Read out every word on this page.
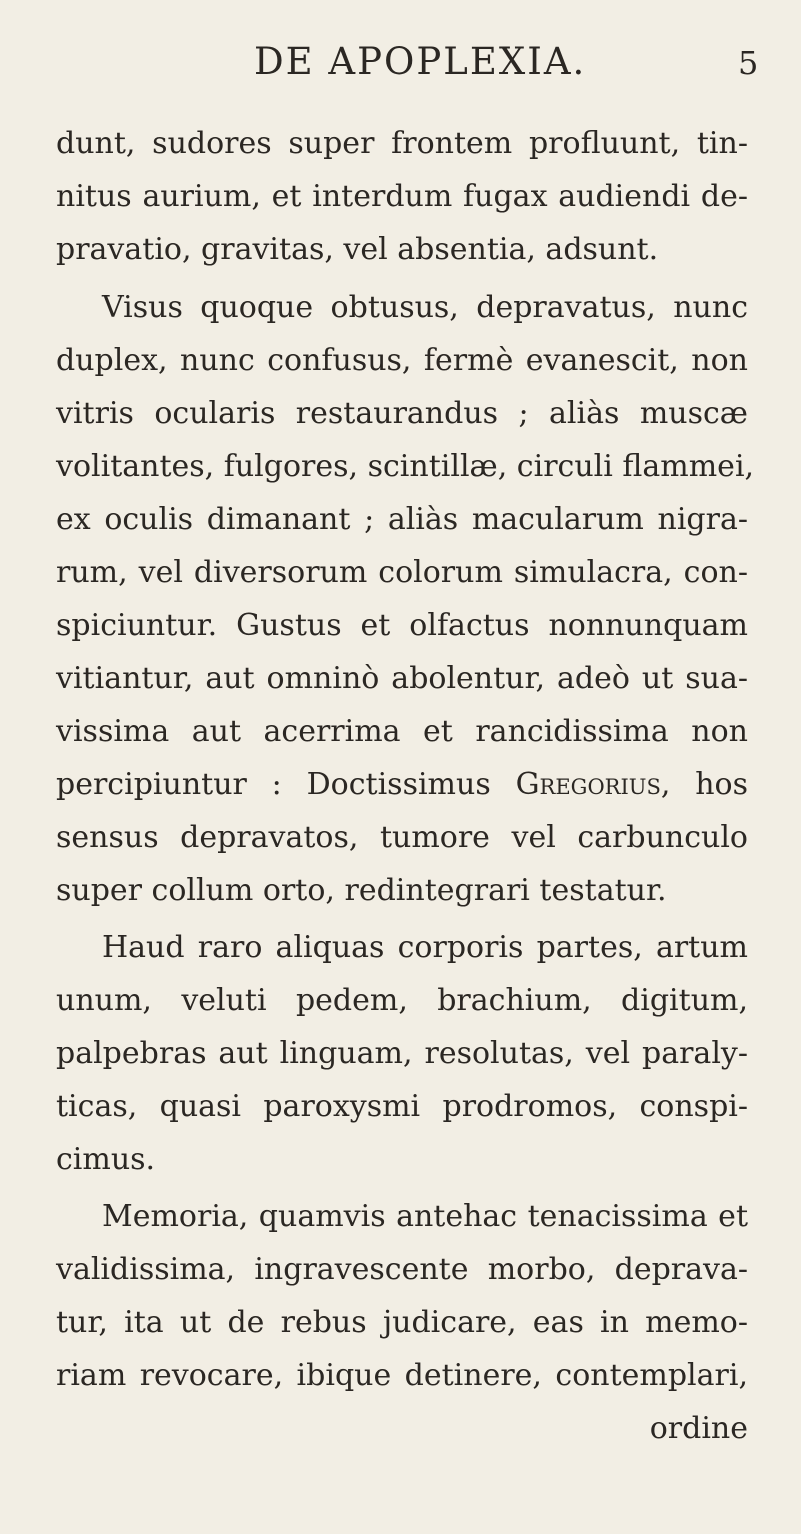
DE APOPLEXIA.	5
dunt, sudores super frontem profluunt, tin-
nitus aurium, et interdum fugax audiendi de-
pravatio, gravitas, vel absentia, adsunt.
Visus quoque obtusus, depravatus, nunc
duplex, nunc confusus, fermè evanescit, non
vitris ocularis restaurandus ; aliàs muscæ
volitantes, fulgores, scintillæ, circuli flammei,
ex oculis dimanant ; aliàs macularum nigra-
rum, vel diversorum colorum simulacra, con-
spiciuntur. Gustus et olfactus nonnunquam
vitiantur, aut omninò abolentur, adeò ut sua-
vissima aut acerrima et rancidissima non
percipiuntur : Doctissimus Gregorius, hos
sensus depravatos, tumore vel carbunculo
super collum orto, redintegrari testatur.
Haud raro aliquas corporis partes, artum
unum, veluti pedem, brachium, digitum,
palpebras aut linguam, resolutas, vel paraly-
ticas, quasi paroxysmi prodromos, conspi-
cimus.
Memoria, quamvis antehac tenacissima et
validissima, ingravescente morbo, deprava-
tur, ita ut de rebus judicare, eas in memo-
riam revocare, ibique detinere, contemplari,
ordine
